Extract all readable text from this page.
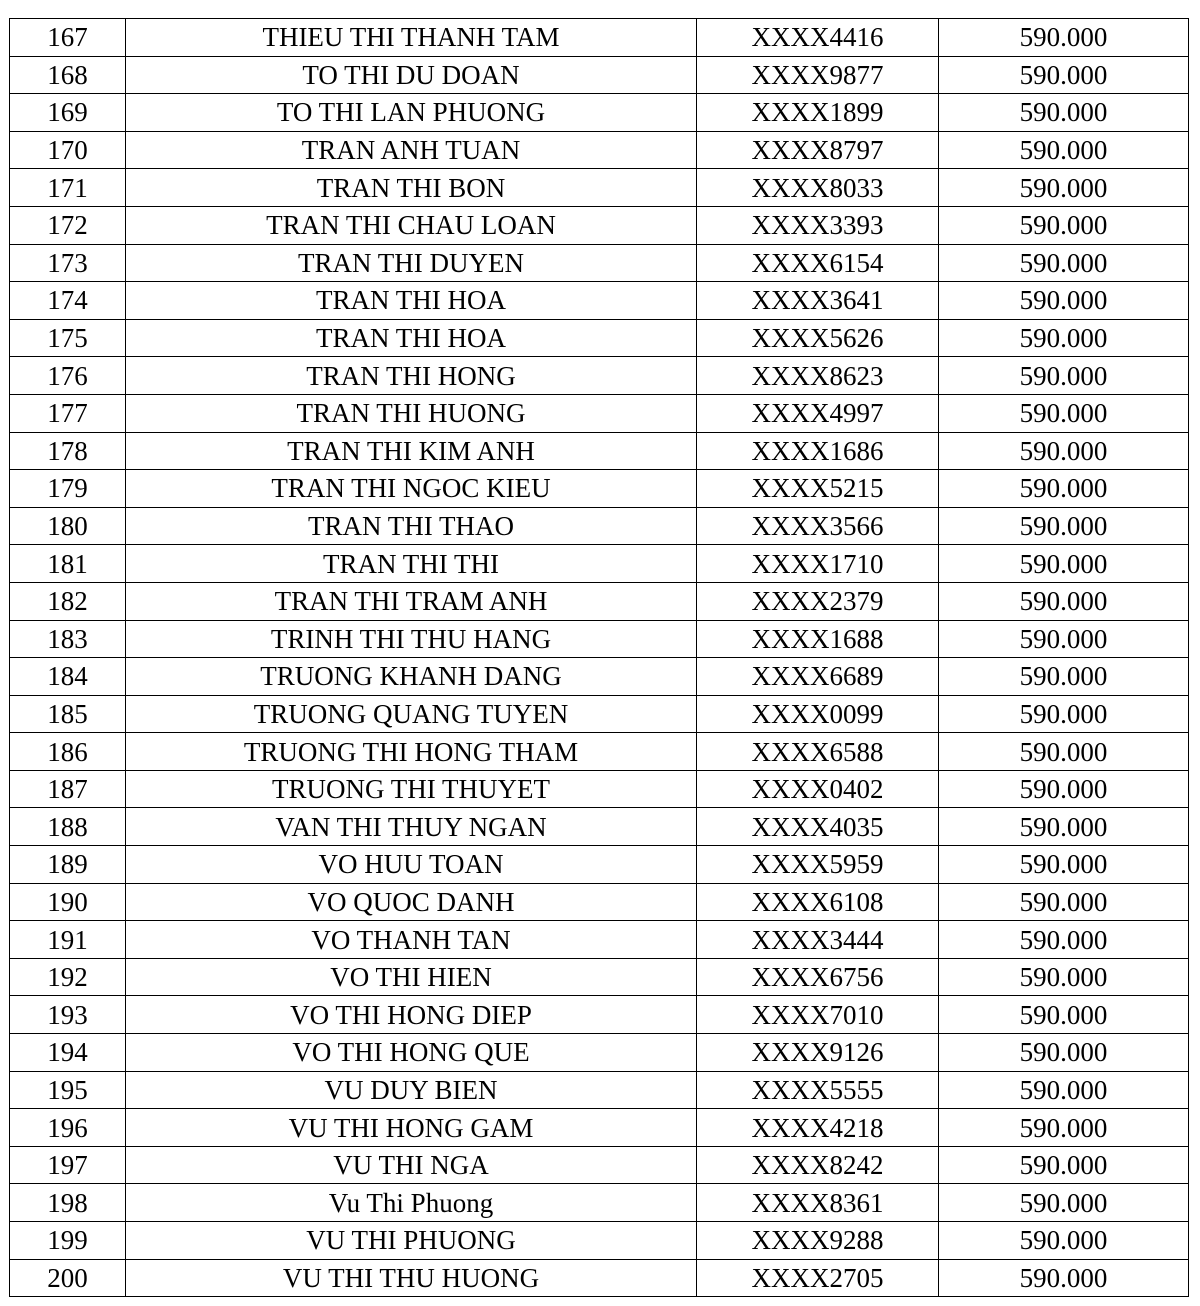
167	THIEU THI THANH TAM	XXXX4416	590.000
168	TO THI DU DOAN	XXXX9877	590.000
169	TO THI LAN PHUONG	XXXX1899	590.000
170	TRAN ANH TUAN	XXXX8797	590.000
171	TRAN THI BON	XXXX8033	590.000
172	TRAN THI CHAU LOAN	XXXX3393	590.000
173	TRAN THI DUYEN	XXXX6154	590.000
174	TRAN THI HOA	XXXX3641	590.000
175	TRAN THI HOA	XXXX5626	590.000
176	TRAN THI HONG	XXXX8623	590.000
177	TRAN THI HUONG	XXXX4997	590.000
178	TRAN THI KIM ANH	XXXX1686	590.000
179	TRAN THI NGOC KIEU	XXXX5215	590.000
180	TRAN THI THAO	XXXX3566	590.000
181	TRAN THI THI	XXXX1710	590.000
182	TRAN THI TRAM ANH	XXXX2379	590.000
183	TRINH THI THU HANG	XXXX1688	590.000
184	TRUONG KHANH DANG	XXXX6689	590.000
185	TRUONG QUANG TUYEN	XXXX0099	590.000
186	TRUONG THI HONG THAM	XXXX6588	590.000
187	TRUONG THI THUYET	XXXX0402	590.000
188	VAN THI THUY NGAN	XXXX4035	590.000
189	VO HUU TOAN	XXXX5959	590.000
190	VO QUOC DANH	XXXX6108	590.000
191	VO THANH TAN	XXXX3444	590.000
192	VO THI HIEN	XXXX6756	590.000
193	VO THI HONG DIEP	XXXX7010	590.000
194	VO THI HONG QUE	XXXX9126	590.000
195	VU DUY BIEN	XXXX5555	590.000
196	VU THI HONG GAM	XXXX4218	590.000
197	VU THI NGA	XXXX8242	590.000
198	Vu Thi Phuong	XXXX8361	590.000
199	VU THI PHUONG	XXXX9288	590.000
200	VU THI THU HUONG	XXXX2705	590.000
